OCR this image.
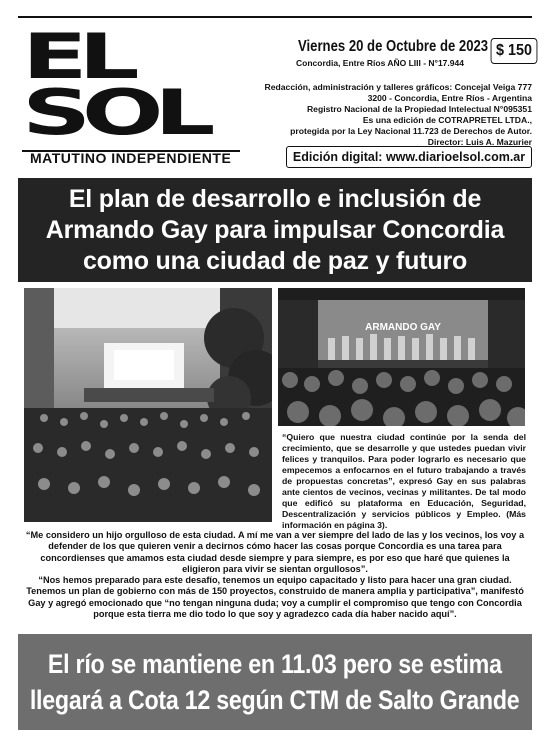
EL
SOL
MATUTINO INDEPENDIENTE
Viernes 20 de Octubre de 2023
Concordia, Entre Ríos AÑO LIII - N°17.944
$ 150
Redacción, administración y talleres gráficos: Concejal Veiga 777
3200 - Concordia, Entre Ríos - Argentina
Registro Nacional de la Propiedad Intelectual N°095351
Es una edición de COTRAPRETEL LTDA.,
protegida por la Ley Nacional 11.723 de Derechos de Autor.
Director: Luis A. Mazurier
Edición digital: www.diarioelsol.com.ar
El plan de desarrollo e inclusión de
Armando Gay para impulsar Concordia
como una ciudad de paz y futuro
ARMANDO GAY
“Quiero que nuestra ciudad continúe por la senda del crecimiento, que se desarrolle y que ustedes puedan vivir felices y tranquilos. Para poder lograrlo es necesario que empecemos a enfocarnos en el futuro trabajando a través de propuestas concretas”, expresó Gay en sus palabras ante cientos de vecinos, vecinas y militantes. De tal modo que edificó su plataforma en Educación, Seguridad, Descentralización y servicios públicos y Empleo. (Más información en página 3).

“Me considero un hijo orgulloso de esta ciudad. A mí me van a ver siempre del lado de las y los vecinos, los voy a defender de los que quieren venir a decirnos cómo hacer las cosas porque Concordia es una tarea para concordienses que amamos esta ciudad desde siempre y para siempre, es por eso que haré que quienes la eligieron para vivir se sientan orgullosos”.

“Nos hemos preparado para este desafío, tenemos un equipo capacitado y listo para hacer una gran ciudad. Tenemos un plan de gobierno con más de 150 proyectos, construido de manera amplia y participativa”, manifestó Gay y agregó emocionado que “no tengan ninguna duda; voy a cumplir el compromiso que tengo con Concordia porque esta tierra me dio todo lo que soy y agradezco cada día haber nacido aquí”.

El río se mantiene en 11.03 pero se estima
llegará a Cota 12 según CTM de Salto Grande
